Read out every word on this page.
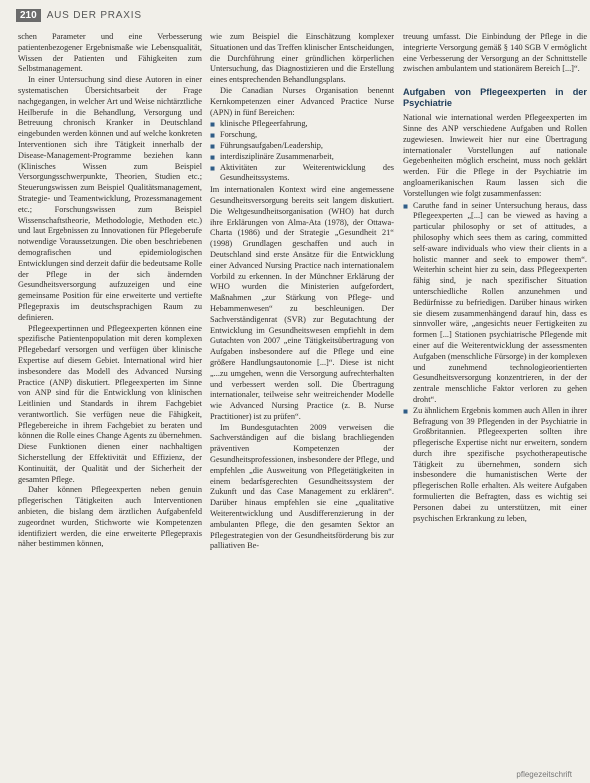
210	AUS DER PRAXIS

schen Parameter und eine Verbesserung patientenbezogener Ergebnismaße wie Lebensqualität, Wissen der Patienten und Fähigkeiten zum Selbstmanagement.

In einer Untersuchung sind diese Autoren in einer systematischen Übersichtsarbeit der Frage nachgegangen, in welcher Art und Weise nichtärztliche Heilberufe in die Behandlung, Versorgung und Betreuung chronisch Kranker in Deutschland eingebunden werden können und auf welche konkreten Interventionen sich ihre Tätigkeit innerhalb der Disease-Management-Programme beziehen kann (Klinisches Wissen zum Beispiel Versorgungsschwerpunkte, Theorien, Studien etc.; Steuerungswissen zum Beispiel Qualitätsmanagement, Strategie- und Teamentwicklung, Prozessmanagement etc.; Forschungswissen zum Beispiel Wissenschaftstheorie, Methodologie, Methoden etc.) und laut Ergebnissen zu Innovationen für Pflegeberufe notwendige Voraussetzungen. Die oben beschriebenen demografischen und epidemiologischen Entwicklungen sind derzeit dafür die bedeutsame Rolle der Pflege in der sich ändernden Gesundheitsversorgung aufzuzeigen und eine gemeinsame Position für eine erweiterte und vertiefte Pflegepraxis im deutschsprachigen Raum zu definieren.

Pflegeexpertinnen und Pflegeexperten können eine spezifische Patientenpopulation mit deren komplexen Pflegebedarf versorgen und verfügen über klinische Expertise auf diesem Gebiet. International wird hier insbesondere das Modell des Advanced Nursing Practice (ANP) diskutiert. Pflegeexperten im Sinne von ANP sind für die Entwicklung von klinischen Leitlinien und Standards in ihrem Fachgebiet verantwortlich. Sie verfügen neue die Fähigkeit, Pflegebereiche in ihrem Fachgebiet zu beraten und können die Rolle eines Change Agents zu übernehmen. Diese Funktionen dienen einer nachhaltigen Sicherstellung der Effektivität und Effizienz, der Kontinuität, der Qualität und der Sicherheit der gesamten Pflege.

Daher können Pflegeexperten neben genuin pflegerischen Tätigkeiten auch Interventionen anbieten, die bislang dem ärztlichen Aufgabenfeld zugeordnet wurden, Stichworte wie Kompetenzen identifiziert werden, die eine erweiterte Pflegepraxis näher bestimmen können,

wie zum Beispiel die Einschätzung komplexer Situationen und das Treffen klinischer Entscheidungen, die Durchführung einer gründlichen körperlichen Untersuchung, das Diagnostizieren und die Erstellung eines entsprechenden Behandlungsplans.

Die Canadian Nurses Organisation benennt Kernkompetenzen einer Advanced Practice Nurse (APN) in fünf Bereichen:

■ klinische Pflegeerfahrung,
■ Forschung,
■ Führungsaufgaben/Leadership,
■ interdisziplinäre Zusammenarbeit,
■ Aktivitäten zur Weiterentwicklung des Gesundheitssystems.

Im internationalen Kontext wird eine angemessene Gesundheitsversorgung bereits seit langem diskutiert. Die Weltgesundheitsorganisation (WHO) hat durch ihre Erklärungen von Alma-Ata (1978), der Ottawa-Charta (1986) und der Strategie „Gesundheit 21“ (1998) Grundlagen geschaffen und auch in Deutschland sind erste Ansätze für die Entwicklung einer Advanced Nursing Practice nach internationalem Vorbild zu erkennen. In der Münchner Erklärung der WHO wurden die Ministerien aufgefordert, Maßnahmen „zur Stärkung von Pflege- und Hebammenwesen“ zu beschleunigen. Der Sachverständigenrat (SVR) zur Begutachtung der Entwicklung im Gesundheitswesen empfiehlt in dem Gutachten von 2007 „eine Tätigkeitsübertragung von Aufgaben insbesondere auf die Pflege und eine größere Handlungsautonomie [...]“. Diese ist nicht „...zu umgehen, wenn die Versorgung aufrechterhalten und verbessert werden soll. Die Übertragung internationaler, teilweise sehr weitreichender Modelle wie Advanced Nursing Practice (z. B. Nurse Practitioner) ist zu prüfen“.

Im Bundesgutachten 2009 verweisen die Sachverständigen auf die bislang brachliegenden präventiven Kompetenzen der Gesundheitsprofessionen, insbesondere der Pflege, und empfehlen „die Ausweitung von Pflegetätigkeiten in einem bedarfsgerechten Gesundheitssystem der Zukunft und das Case Management zu erklären“. Darüber hinaus empfehlen sie eine „qualitative Weiterentwicklung und Ausdifferenzierung in der ambulanten Pflege, die den gesamten Sektor an Pflegestrategien von der Gesundheitsförderung bis zur palliativen Be-

treuung umfasst. Die Einbindung der Pflege in die integrierte Versorgung gemäß § 140 SGB V ermöglicht eine Verbesserung der Versorgung an der Schnittstelle zwischen ambulantem und stationärem Bereich [...]“.

Aufgaben von Pflegeexperten in der Psychiatrie

National wie international werden Pflegeexperten im Sinne des ANP verschiedene Aufgaben und Rollen zugewiesen. Inwieweit hier nur eine Übertragung internationaler Vorstellungen auf nationale Gegebenheiten möglich erscheint, muss noch geklärt werden. Für die Pflege in der Psychiatrie im angloamerikanischen Raum lassen sich die Vorstellungen wie folgt zusammenfassen:

■ Caruthe fand in seiner Untersuchung heraus, dass Pflegeexperten „[...] can be viewed as having a particular philosophy or set of attitudes, a philosophy which sees them as caring, committed self-aware individuals who view their clients in a holistic manner and seek to empower them“. Weiterhin scheint hier zu sein, dass Pflegeexperten fähig sind, je nach spezifischer Situation unterschiedliche Rollen anzunehmen und Bedürfnisse zu befriedigen. Darüber hinaus wirken sie diesem zusammenhängend darauf hin, dass es sinnvoller wäre, „angesichts neuer Fertigkeiten zu formen [...] Stationen psychiatrische Pflegende mit einer auf die Weiterentwicklung der assessmenten Aufgaben (menschliche Fürsorge) in der komplexen und zunehmend technologieorientierten Gesundheitsversorgung konzentrieren, in der der zentrale menschliche Faktor verloren zu gehen droht“.
■ Zu ähnlichem Ergebnis kommen auch Allen in ihrer Befragung von 39 Pflegenden in der Psychiatrie in Großbritannien. Pflegeexperten sollten ihre pflegerische Expertise nicht nur erweitern, sondern durch ihre spezifische psychotherapeutische Tätigkeit zu übernehmen, sondern sich insbesondere die humanistischen Werte der pflegerischen Rolle erhalten. Als weitere Aufgaben formulierten die Befragten, dass es wichtig sei Personen dabei zu unterstützen, mit einer psychischen Erkrankung zu leben,
pflegezeitschrift
